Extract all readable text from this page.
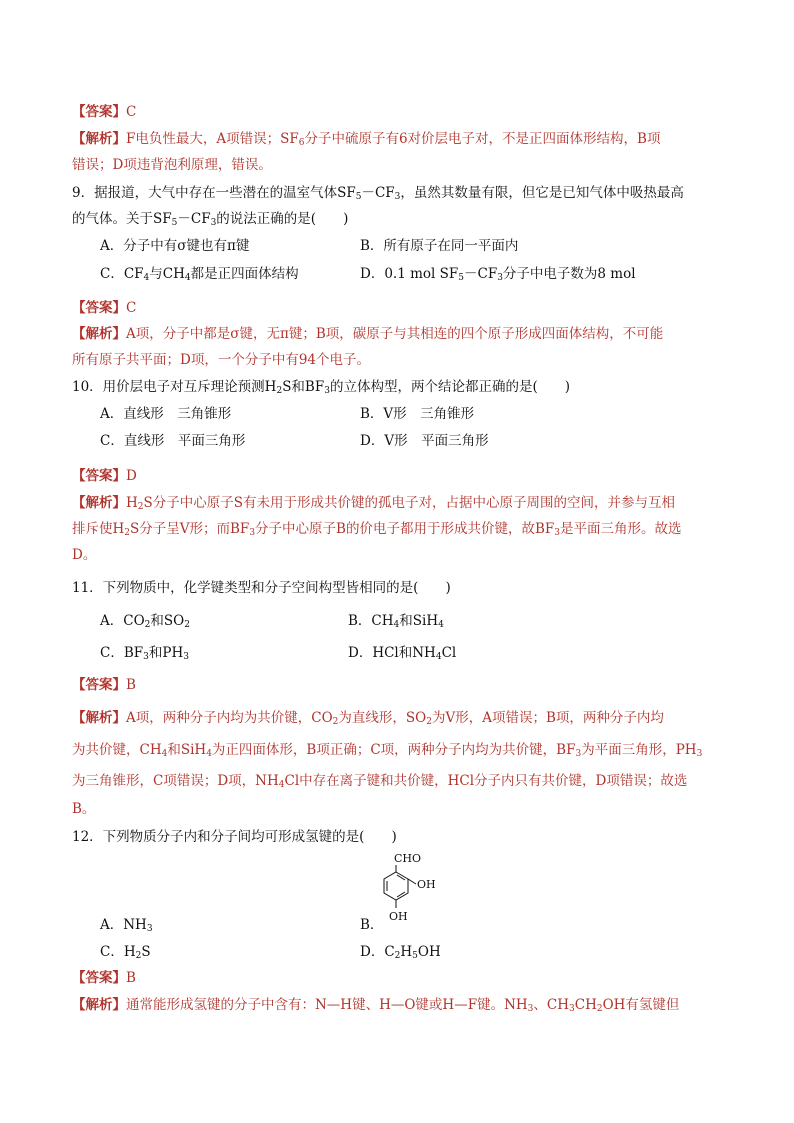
【答案】C
【解析】F电负性最大，A项错误；$SF_6$分子中硫原子有6对价层电子对，不是正四面体形结构，B项
错误；D项违背泡利原理，错误。
9．据报道，大气中存在一些潜在的温室气体$SF_5-CF_3$，虽然其数量有限，但它是已知气体中吸热最高
的气体。关于$SF_5-CF_3$的说法正确的是(　　)
A．分子中有σ键也有π键	B．所有原子在同一平面内
C．$CF_4$与$CH_4$都是正四面体结构	D．0.1 mol $SF_5-CF_3$分子中电子数为8 mol
【答案】C
【解析】A项，分子中都是σ键，无π键；B项，碳原子与其相连的四个原子形成四面体结构，不可能
所有原子共平面；D项，一个分子中有94个电子。
10．用价层电子对互斥理论预测$H_2S$和$BF_3$的立体构型，两个结论都正确的是(　　)
A．直线形　三角锥形	B．V形　三角锥形
C．直线形　平面三角形	D．V形　平面三角形
【答案】D
【解析】$H_2S$分子中心原子S有未用于形成共价键的孤电子对，占据中心原子周围的空间，并参与互相
排斥使$H_2S$分子呈V形；而$BF_3$分子中心原子B的价电子都用于形成共价键，故$BF_3$是平面三角形。故选
D。
11．下列物质中，化学键类型和分子空间构型皆相同的是(　　)
A．$CO_2$和$SO_2$	B．$CH_4$和SiH$_4$
C．$BF_3$和$PH_3$	D．HCl和$NH_4Cl$
【答案】B
【解析】A项，两种分子内均为共价键，$CO_2$为直线形，$SO_2$为V形，A项错误；B项，两种分子内均
为共价键，$CH_4$和SiH$_4$为正四面体形，B项正确；C项，两种分子内均为共价键，$BF_3$为平面三角形，$PH_3$
为三角锥形，C项错误；D项，$NH_4Cl$中存在离子键和共价键，HCl分子内只有共价键，D项错误；故选
B。
12．下列物质分子内和分子间均可形成氢键的是(　　)
CHO
OH
OH
A．$NH_3$	B．
C．$H_2S$	D．$C_2H_5OH$
【答案】B
【解析】通常能形成氢键的分子中含有：N—H键、H—O键或H—F键。$NH_3$、$CH_3CH_2OH$有氢键但
